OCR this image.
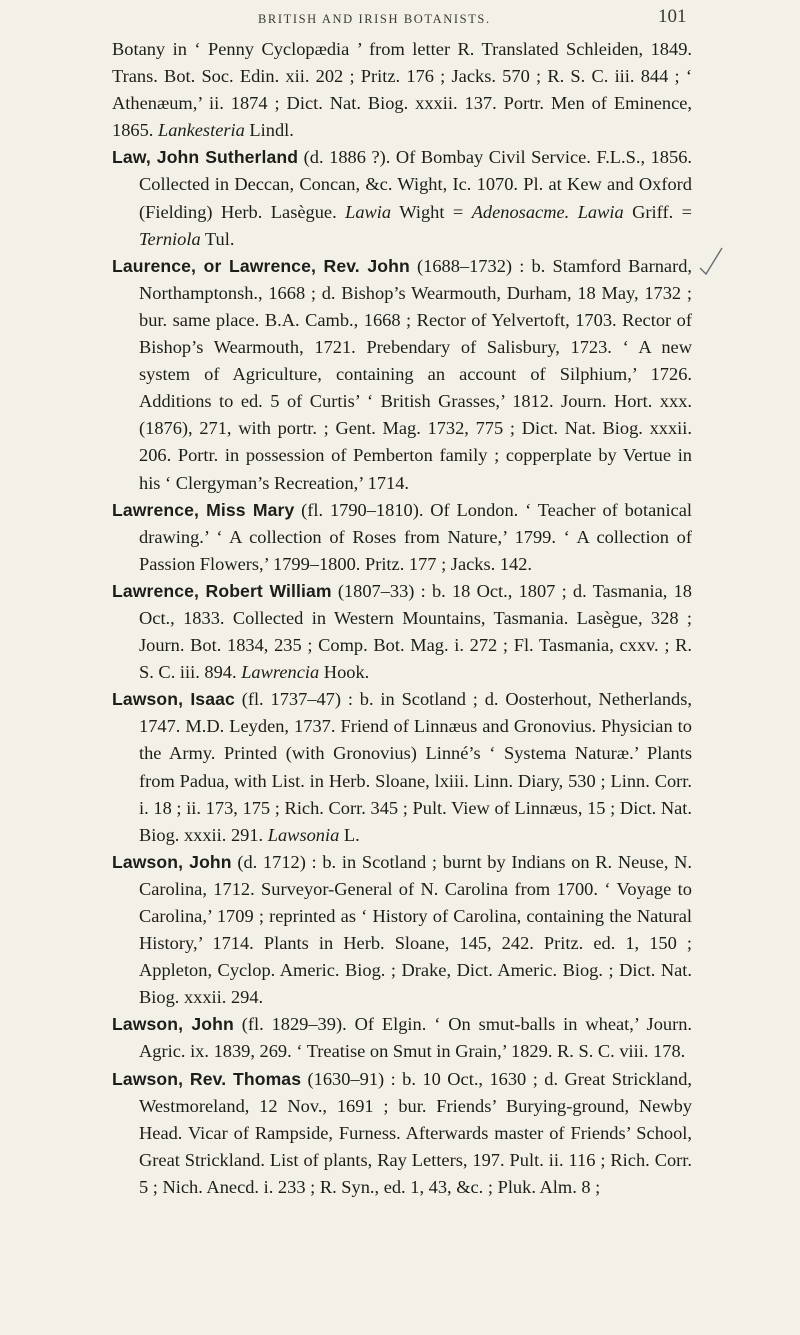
BRITISH AND IRISH BOTANISTS.	101

Botany in ‘ Penny Cyclopædia ’ from letter R. Translated Schleiden, 1849. Trans. Bot. Soc. Edin. xii. 202 ; Pritz. 176 ; Jacks. 570 ; R. S. C. iii. 844 ; ‘ Athenæum,’ ii. 1874 ; Dict. Nat. Biog. xxxii. 137. Portr. Men of Eminence, 1865. Lankesteria Lindl.

Law, John Sutherland (d. 1886 ?). Of Bombay Civil Service. F.L.S., 1856. Collected in Deccan, Concan, &c. Wight, Ic. 1070. Pl. at Kew and Oxford (Fielding) Herb. Lasègue. Lawia Wight = Adenosacme. Lawia Griff. = Terniola Tul.

Laurence, or Lawrence, Rev. John (1688–1732) : b. Stamford Barnard, Northamptonsh., 1668 ; d. Bishop’s Wearmouth, Durham, 18 May, 1732 ; bur. same place. B.A. Camb., 1668 ; Rector of Yelvertoft, 1703. Rector of Bishop’s Wearmouth, 1721. Prebendary of Salisbury, 1723. ‘ A new system of Agriculture, containing an account of Silphium,’ 1726. Additions to ed. 5 of Curtis’ ‘ British Grasses,’ 1812. Journ. Hort. xxx. (1876), 271, with portr. ; Gent. Mag. 1732, 775 ; Dict. Nat. Biog. xxxii. 206. Portr. in possession of Pemberton family ; copperplate by Vertue in his ‘ Clergyman’s Recreation,’ 1714.

Lawrence, Miss Mary (fl. 1790–1810). Of London. ‘ Teacher of botanical drawing.’ ‘ A collection of Roses from Nature,’ 1799. ‘ A collection of Passion Flowers,’ 1799–1800. Pritz. 177 ; Jacks. 142.

Lawrence, Robert William (1807–33) : b. 18 Oct., 1807 ; d. Tasmania, 18 Oct., 1833. Collected in Western Mountains, Tasmania. Lasègue, 328 ; Journ. Bot. 1834, 235 ; Comp. Bot. Mag. i. 272 ; Fl. Tasmania, cxxv. ; R. S. C. iii. 894. Lawrencia Hook.

Lawson, Isaac (fl. 1737–47) : b. in Scotland ; d. Oosterhout, Netherlands, 1747. M.D. Leyden, 1737. Friend of Linnæus and Gronovius. Physician to the Army. Printed (with Gronovius) Linné’s ‘ Systema Naturæ.’ Plants from Padua, with List. in Herb. Sloane, lxiii. Linn. Diary, 530 ; Linn. Corr. i. 18 ; ii. 173, 175 ; Rich. Corr. 345 ; Pult. View of Linnæus, 15 ; Dict. Nat. Biog. xxxii. 291. Lawsonia L.

Lawson, John (d. 1712) : b. in Scotland ; burnt by Indians on R. Neuse, N. Carolina, 1712. Surveyor-General of N. Carolina from 1700. ‘ Voyage to Carolina,’ 1709 ; reprinted as ‘ History of Carolina, containing the Natural History,’ 1714. Plants in Herb. Sloane, 145, 242. Pritz. ed. 1, 150 ; Appleton, Cyclop. Americ. Biog. ; Drake, Dict. Americ. Biog. ; Dict. Nat. Biog. xxxii. 294.

Lawson, John (fl. 1829–39). Of Elgin. ‘ On smut-balls in wheat,’ Journ. Agric. ix. 1839, 269. ‘ Treatise on Smut in Grain,’ 1829. R. S. C. viii. 178.

Lawson, Rev. Thomas (1630–91) : b. 10 Oct., 1630 ; d. Great Strickland, Westmoreland, 12 Nov., 1691 ; bur. Friends’ Burying-ground, Newby Head. Vicar of Rampside, Furness. Afterwards master of Friends’ School, Great Strickland. List of plants, Ray Letters, 197. Pult. ii. 116 ; Rich. Corr. 5 ; Nich. Anecd. i. 233 ; R. Syn., ed. 1, 43, &c. ; Pluk. Alm. 8 ;
